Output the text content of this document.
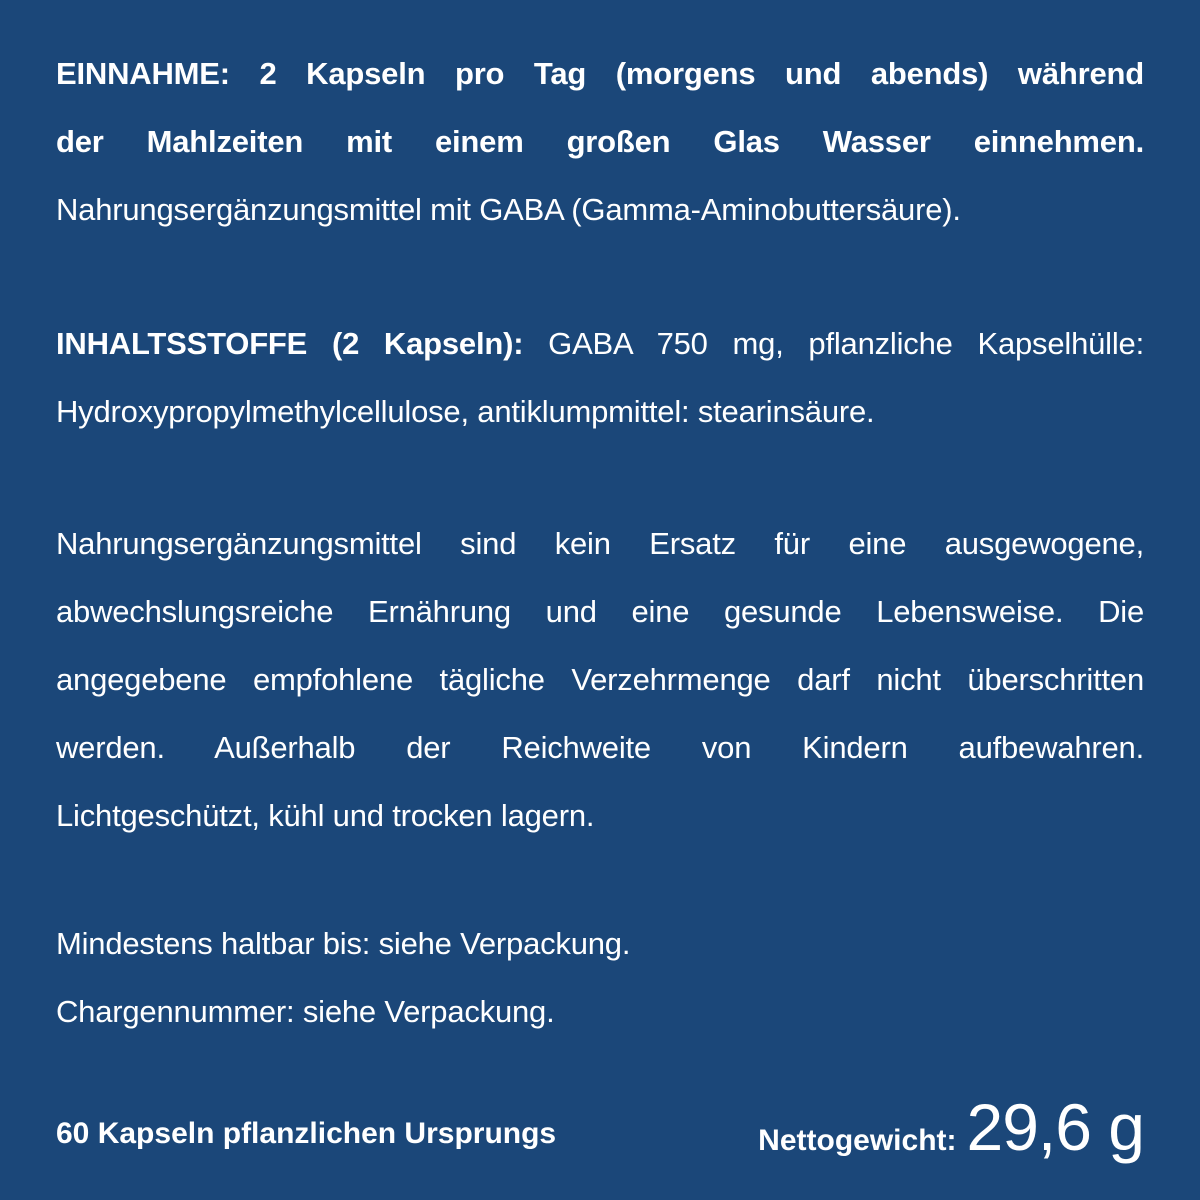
EINNAHME: 2 Kapseln pro Tag (morgens und abends) während
der Mahlzeiten mit einem großen Glas Wasser einnehmen.
Nahrungsergänzungsmittel mit GABA (Gamma-Aminobuttersäure).
INHALTSSTOFFE (2 Kapseln): GABA 750 mg, pflanzliche Kapselhülle:
Hydroxypropylmethylcellulose, antiklumpmittel: stearinsäure.
Nahrungsergänzungsmittel sind kein Ersatz für eine ausgewogene,
abwechslungsreiche Ernährung und eine gesunde Lebensweise. Die
angegebene empfohlene tägliche Verzehrmenge darf nicht überschritten
werden. Außerhalb der Reichweite von Kindern aufbewahren.
Lichtgeschützt, kühl und trocken lagern.
Mindestens haltbar bis: siehe Verpackung.
Chargennummer: siehe Verpackung.
60 Kapseln pflanzlichen Ursprungs	Nettogewicht: 29,6 g
